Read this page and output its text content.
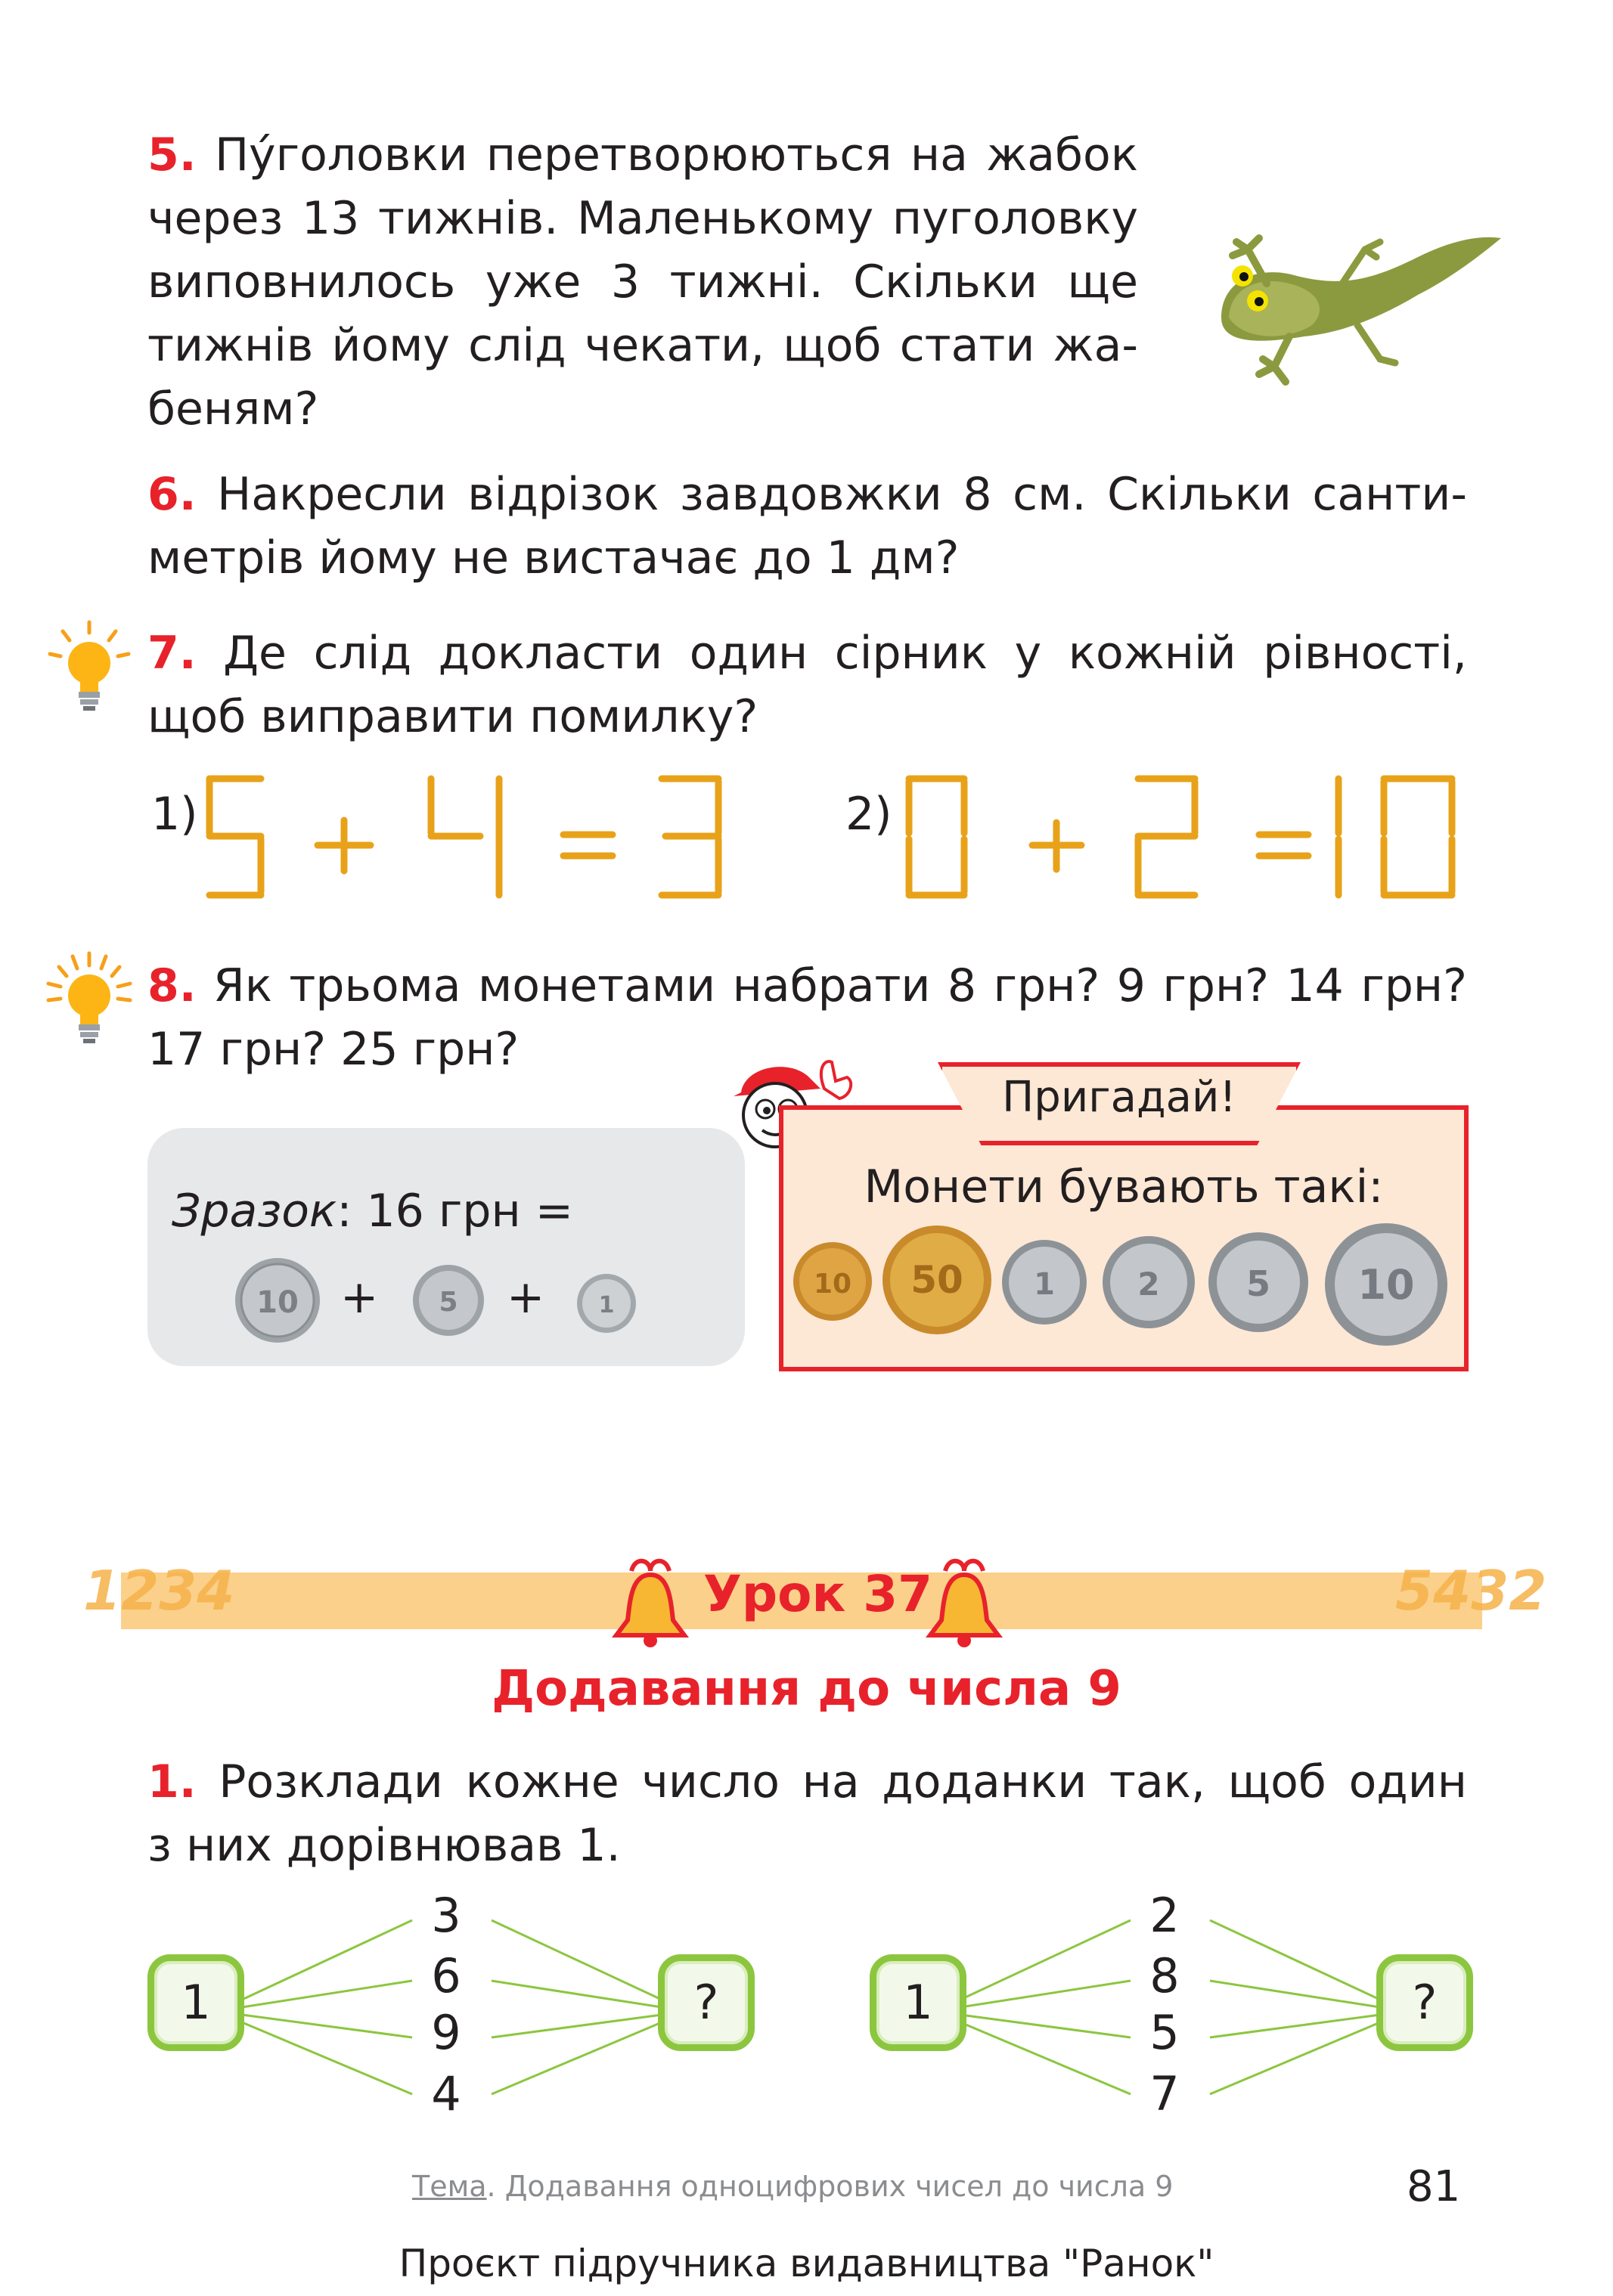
5. Пу́головки перетворюються на жабок
через 13 тижнів. Маленькому пуголовку
виповнилось уже 3 тижні. Скільки ще
тижнів йому слід чекати, щоб стати жа-
беням?
6. Накресли відрізок завдовжки 8 см. Скільки санти-
метрів йому не вистачає до 1 дм?
7. Де слід докласти один сірник у кожній рівності,
щоб виправити помилку?
1)	2)
8. Як трьома монетами набрати 8 грн? 9 грн? 14 грн?
17 грн? 25 грн?
Зразок: 16 грн =
10 + 5 + 1
Монети бувають такі:
10 50 1	2 5 10
Пригадай!
1234	5432
Урок 37
Додавання до числа 9
1. Розклади кожне число на доданки так, щоб один
з них дорівнював 1.
1
3
6
9
4
?	1
2
8
5
7
?
Тема. Додавання одноцифрових чисел до числа 9	81
Проєкт підручника видавництва "Ранок"
